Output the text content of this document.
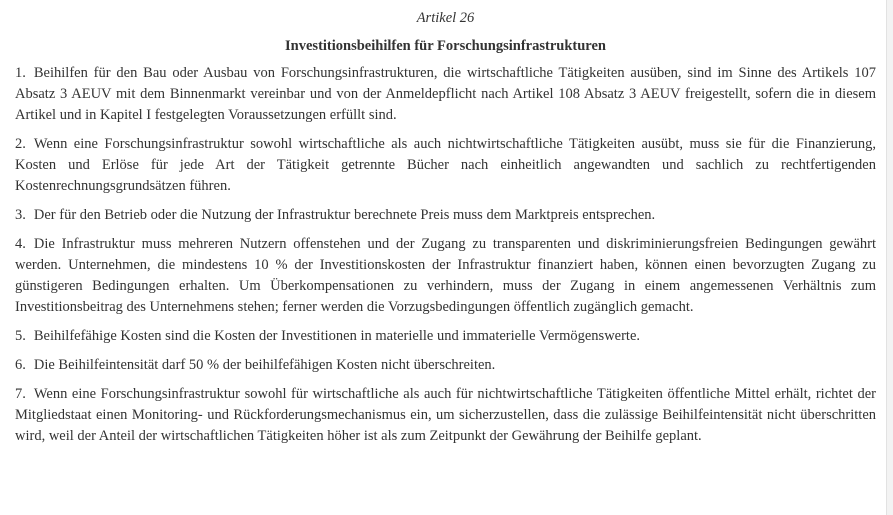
Artikel 26

Investitionsbeihilfen für Forschungsinfrastrukturen

1. Beihilfen für den Bau oder Ausbau von Forschungsinfrastrukturen, die wirtschaftliche Tätigkeiten ausüben, sind im Sinne des Artikels 107 Absatz 3 AEUV mit dem Binnenmarkt vereinbar und von der Anmeldepflicht nach Artikel 108 Absatz 3 AEUV freigestellt, sofern die in diesem Artikel und in Kapitel I festgelegten Voraussetzungen erfüllt sind.

2. Wenn eine Forschungsinfrastruktur sowohl wirtschaftliche als auch nichtwirtschaftliche Tätigkeiten ausübt, muss sie für die Finanzierung, Kosten und Erlöse für jede Art der Tätigkeit getrennte Bücher nach einheitlich angewandten und sachlich zu rechtfertigenden Kostenrechnungsgrundsätzen führen.

3. Der für den Betrieb oder die Nutzung der Infrastruktur berechnete Preis muss dem Marktpreis entsprechen.

4. Die Infrastruktur muss mehreren Nutzern offenstehen und der Zugang zu transparenten und diskriminierungsfreien Bedingungen gewährt werden. Unternehmen, die mindestens 10 % der Investitionskosten der Infrastruktur finanziert haben, können einen bevorzugten Zugang zu günstigeren Bedingungen erhalten. Um Überkompensationen zu verhindern, muss der Zugang in einem angemessenen Verhältnis zum Investitionsbeitrag des Unternehmens stehen; ferner werden die Vorzugsbedingungen öffentlich zugänglich gemacht.

5. Beihilfefähige Kosten sind die Kosten der Investitionen in materielle und immaterielle Vermögenswerte.

6. Die Beihilfeintensität darf 50 % der beihilfefähigen Kosten nicht überschreiten.

7. Wenn eine Forschungsinfrastruktur sowohl für wirtschaftliche als auch für nichtwirtschaftliche Tätigkeiten öffentliche Mittel erhält, richtet der Mitgliedstaat einen Monitoring- und Rückforderungsmechanismus ein, um sicherzustellen, dass die zulässige Beihilfeintensität nicht überschritten wird, weil der Anteil der wirtschaftlichen Tätigkeiten höher ist als zum Zeitpunkt der Gewährung der Beihilfe geplant.
